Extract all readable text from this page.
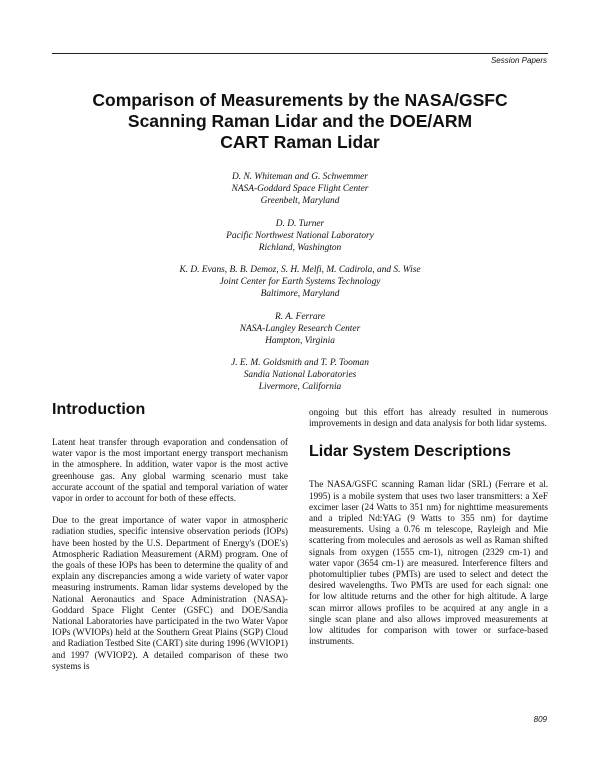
Session Papers
Comparison of Measurements by the NASA/GSFC
Scanning Raman Lidar and the DOE/ARM
CART Raman Lidar
D. N. Whiteman and G. Schwemmer
NASA-Goddard Space Flight Center
Greenbelt, Maryland
D. D. Turner
Pacific Northwest National Laboratory
Richland, Washington
K. D. Evans, B. B. Demoz, S. H. Melfi, M. Cadirola, and S. Wise
Joint Center for Earth Systems Technology
Baltimore, Maryland
R. A. Ferrare
NASA-Langley Research Center
Hampton, Virginia
J. E. M. Goldsmith and T. P. Tooman
Sandia National Laboratories
Livermore, California
Introduction

Latent heat transfer through evaporation and condensation of water vapor is the most important energy transport mechanism in the atmosphere. In addition, water vapor is the most active greenhouse gas. Any global warming scenario must take accurate account of the spatial and temporal variation of water vapor in order to account for both of these effects.

Due to the great importance of water vapor in atmospheric radiation studies, specific intensive observation periods (IOPs) have been hosted by the U.S. Department of Energy's (DOE's) Atmospheric Radiation Measurement (ARM) program. One of the goals of these IOPs has been to determine the quality of and explain any discrepancies among a wide variety of water vapor measuring instruments. Raman lidar systems developed by the National Aeronautics and Space Administration (NASA)-Goddard Space Flight Center (GSFC) and DOE/Sandia National Laboratories have participated in the two Water Vapor IOPs (WVIOPs) held at the Southern Great Plains (SGP) Cloud and Radiation Testbed Site (CART) site during 1996 (WVIOP1) and 1997 (WVIOP2). A detailed comparison of these two systems is

ongoing but this effort has already resulted in numerous improvements in design and data analysis for both lidar systems.

Lidar System Descriptions

The NASA/GSFC scanning Raman lidar (SRL) (Ferrare et al. 1995) is a mobile system that uses two laser transmitters: a XeF excimer laser (24 Watts to 351 nm) for nighttime measurements and a tripled Nd:YAG (9 Watts to 355 nm) for daytime measurements. Using a 0.76 m telescope, Rayleigh and Mie scattering from molecules and aerosols as well as Raman shifted signals from oxygen (1555 cm-1), nitrogen (2329 cm-1) and water vapor (3654 cm-1) are measured. Interference filters and photomultiplier tubes (PMTs) are used to select and detect the desired wavelengths. Two PMTs are used for each signal: one for low altitude returns and the other for high altitude. A large scan mirror allows profiles to be acquired at any angle in a single scan plane and also allows improved measurements at low altitudes for comparison with tower or surface-based instruments.

809
